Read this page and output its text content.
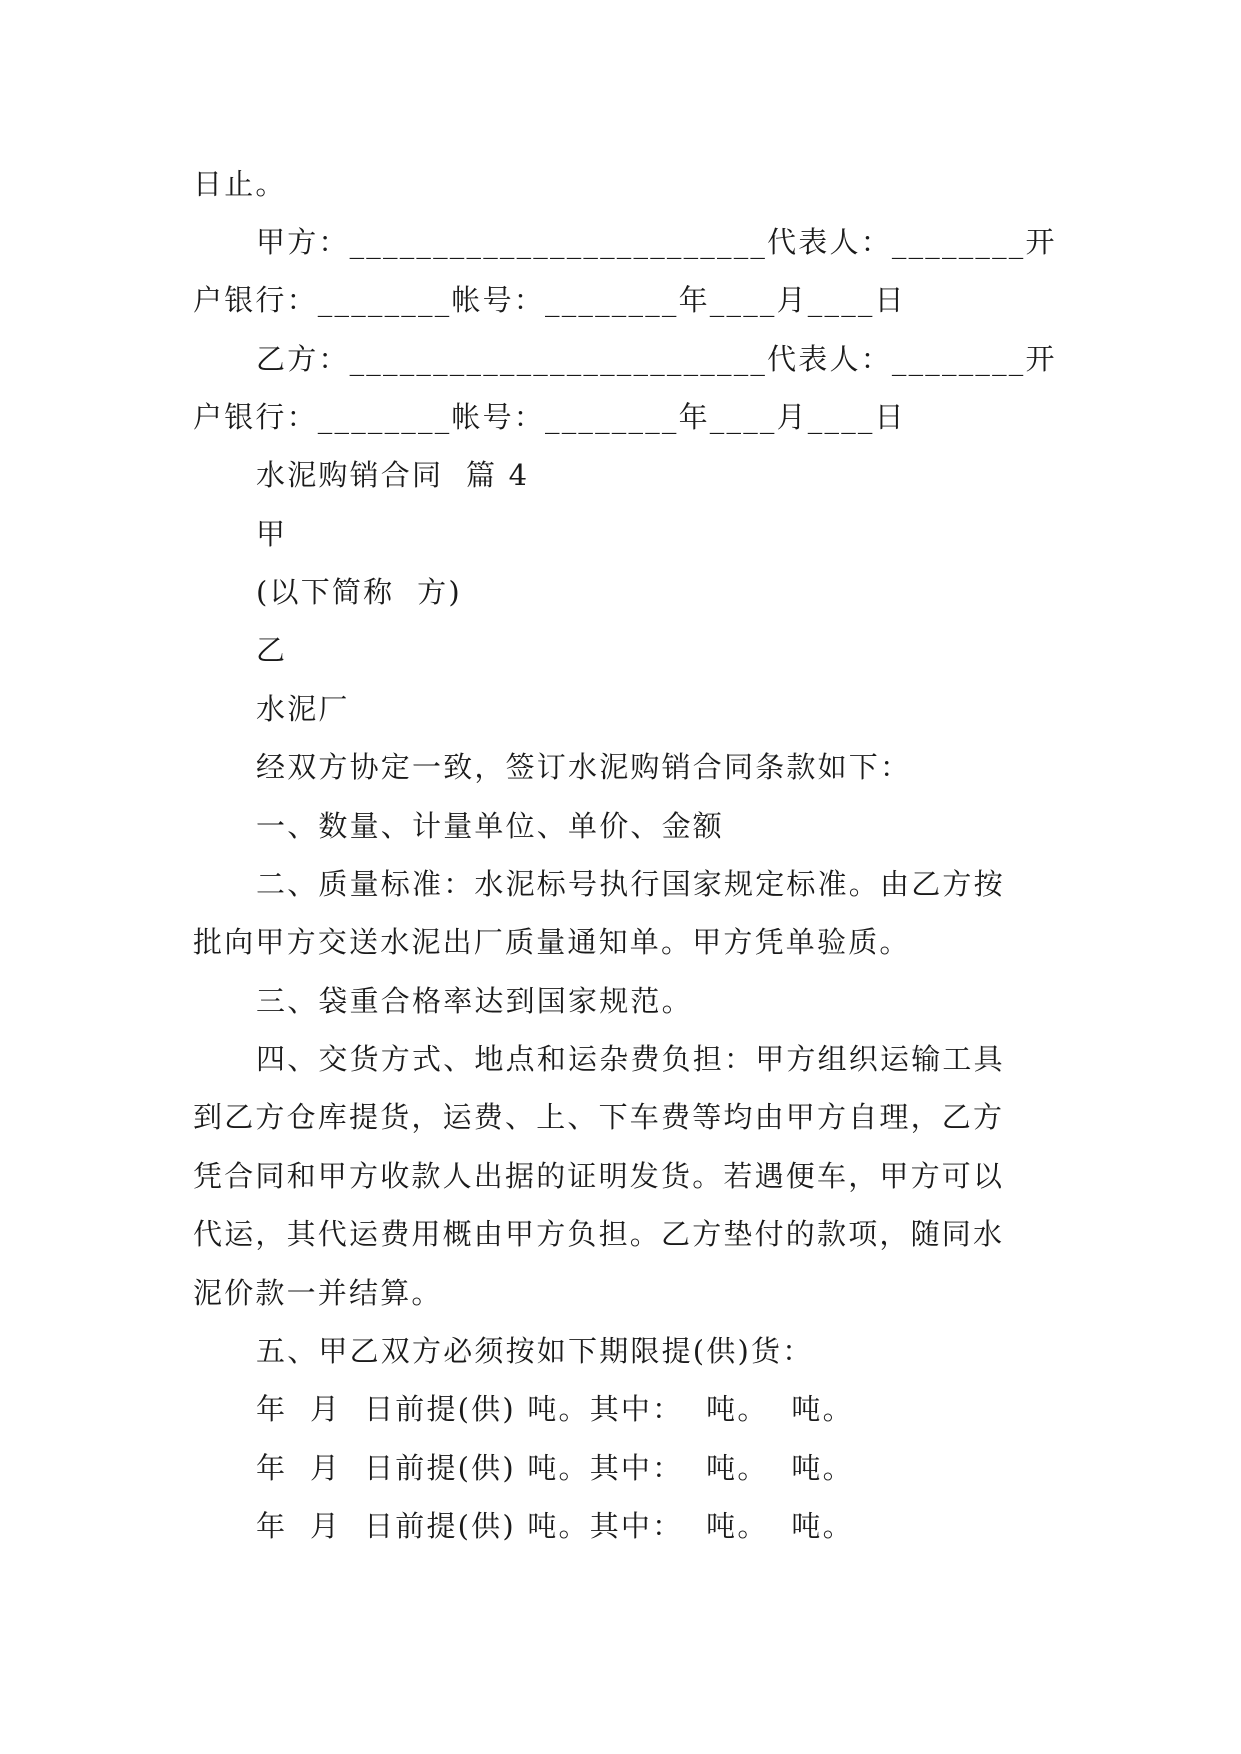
日止。
甲方：_________________________代表人：________开
户银行：________帐号：________年____月____日
乙方：_________________________代表人：________开
户银行：________帐号：________年____月____日
水泥购销合同  篇 4
甲
(以下简称  方)
乙
水泥厂
经双方协定一致，签订水泥购销合同条款如下：
一、数量、计量单位、单价、金额
二、质量标准：水泥标号执行国家规定标准。由乙方按
批向甲方交送水泥出厂质量通知单。甲方凭单验质。
三、袋重合格率达到国家规范。
四、交货方式、地点和运杂费负担：甲方组织运输工具
到乙方仓库提货，运费、上、下车费等均由甲方自理，乙方
凭合同和甲方收款人出据的证明发货。若遇便车，甲方可以
代运，其代运费用概由甲方负担。乙方垫付的款项，随同水
泥价款一并结算。
五、甲乙双方必须按如下期限提(供)货：
年  月  日前提(供) 吨。其中：  吨。  吨。
年  月  日前提(供) 吨。其中：  吨。  吨。
年  月  日前提(供) 吨。其中：  吨。  吨。
